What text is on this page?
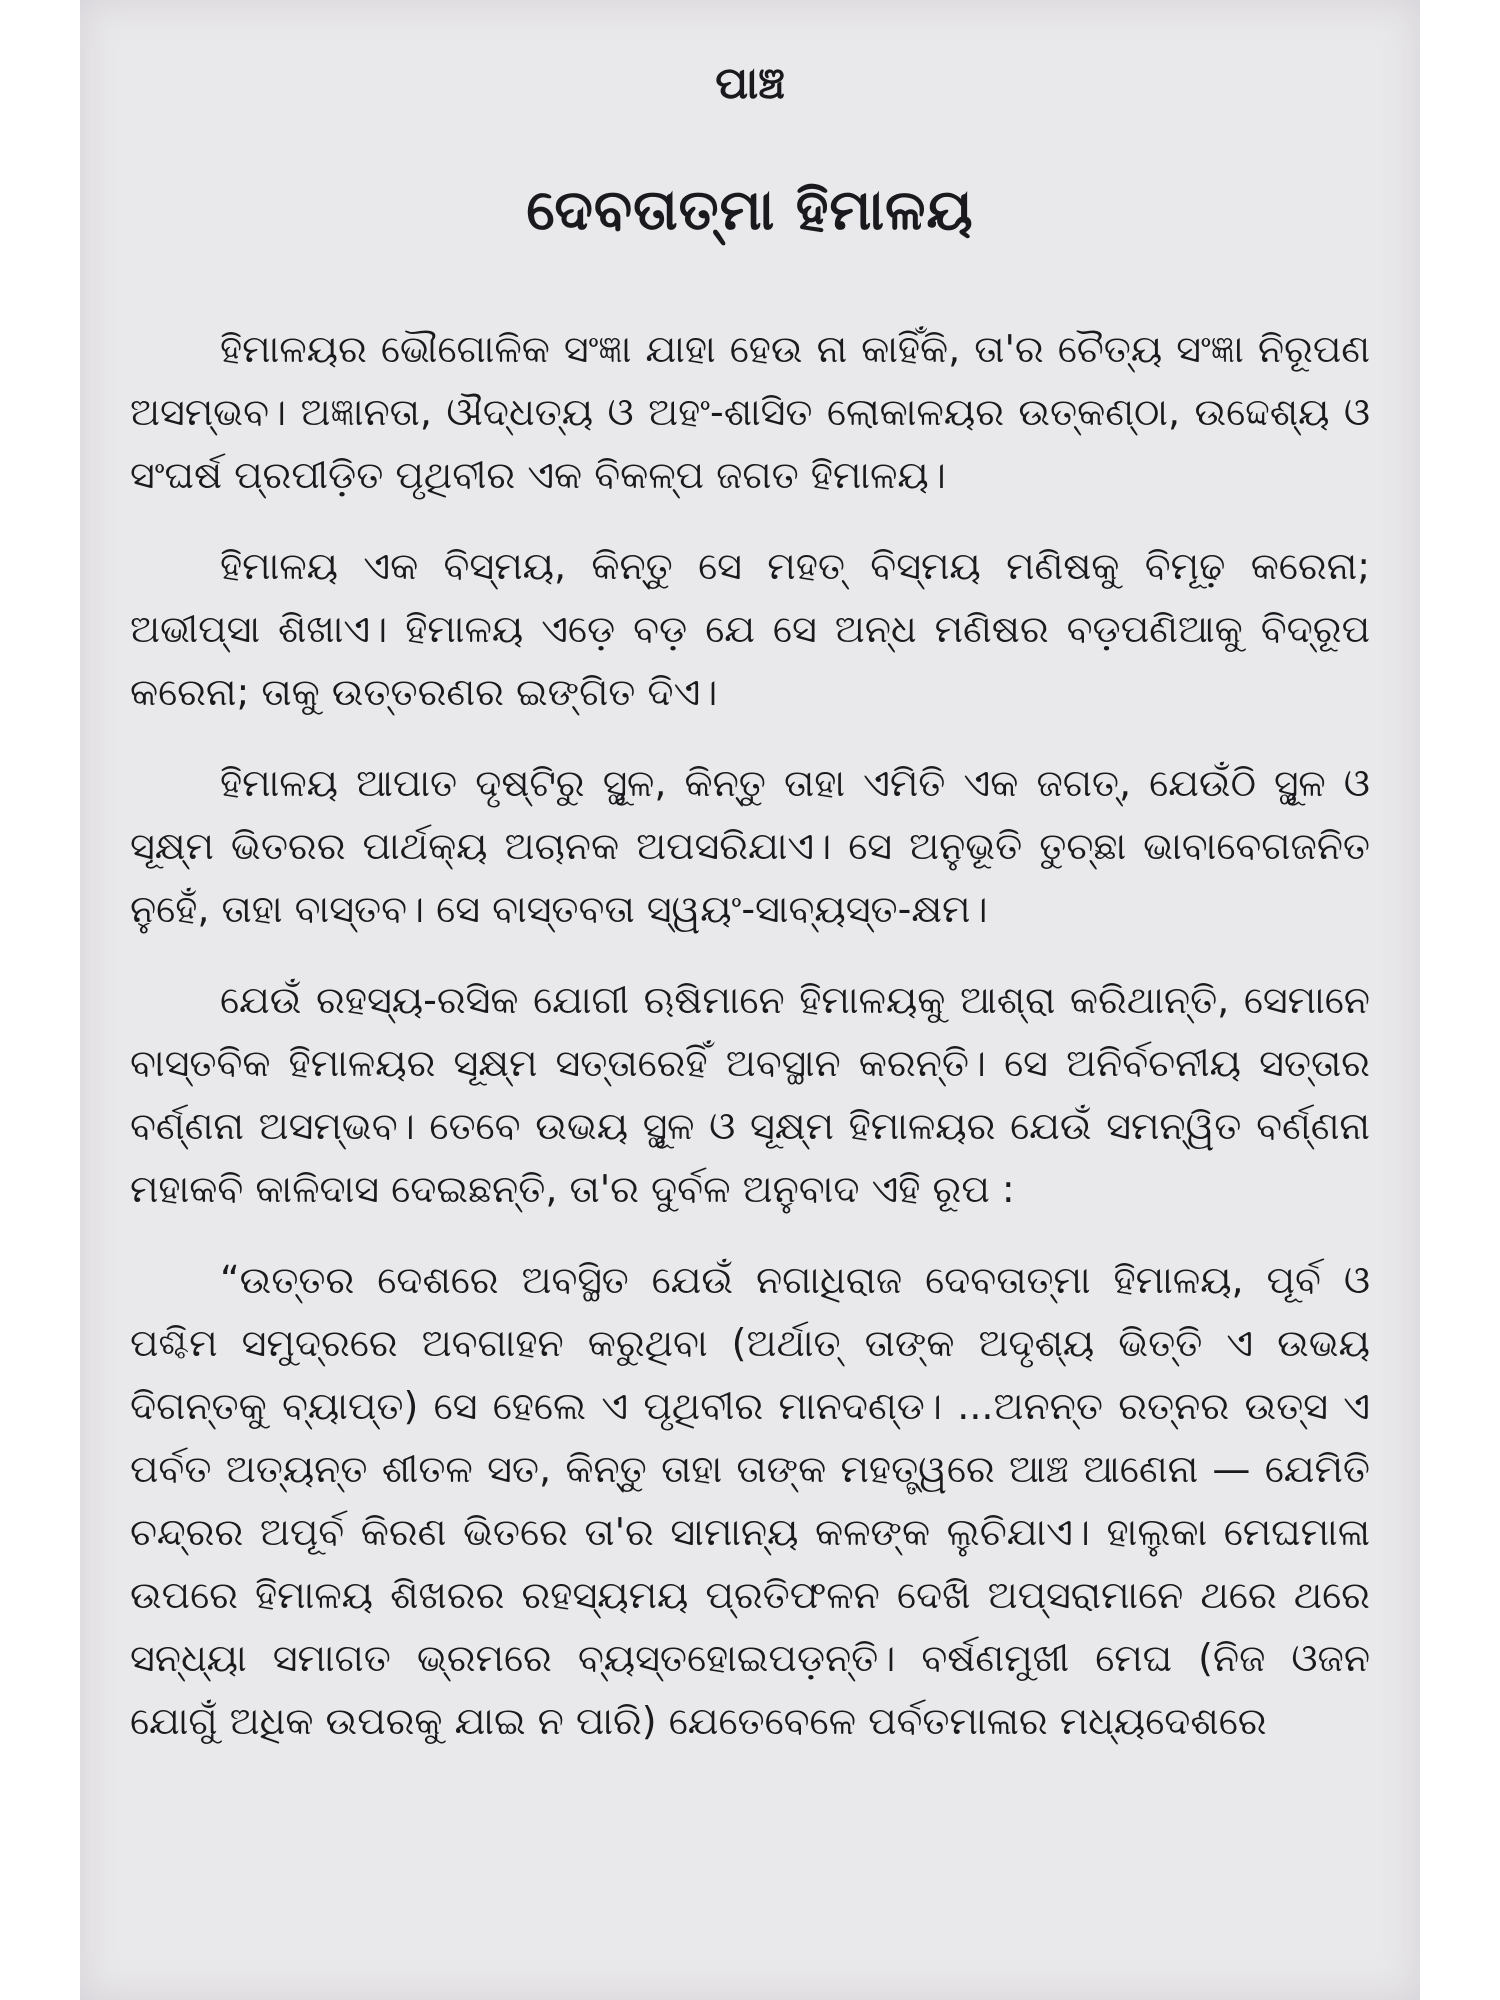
ପାଞ୍ଚ
ଦେବତାତ୍ମା ହିମାଳୟ

ହିମାଳୟର ଭୌଗୋଳିକ ସଂଜ୍ଞା ଯାହା ହେଉ ନା କାହିଁକି, ତା'ର ଚୈତ୍ୟ ସଂଜ୍ଞା ନିରୂପଣ ଅସମ୍ଭବ। ଅଜ୍ଞାନତା, ଔଦ୍ଧତ୍ୟ ଓ ଅହଂ-ଶାସିତ ଲୋକାଳୟର ଉତ୍କଣ୍ଠା, ଉଦ୍ଦେଶ୍ୟ ଓ ସଂଘର୍ଷ ପ୍ରପୀଡ଼ିତ ପୃଥିବୀର ଏକ ବିକଳ୍ପ ଜଗତ ହିମାଳୟ।

ହିମାଳୟ ଏକ ବିସ୍ମୟ, କିନ୍ତୁ ସେ ମହତ୍ ବିସ୍ମୟ ମଣିଷକୁ ବିମୂଢ଼ କରେନା; ଅଭୀପ୍ସା ଶିଖାଏ। ହିମାଳୟ ଏଡ଼େ ବଡ଼ ଯେ ସେ ଅନ୍ଧ ମଣିଷର ବଡ଼ପଣିଆକୁ ବିଦ୍ରୂପ କରେନା; ତାକୁ ଉତ୍ତରଣର ଇଙ୍ଗିତ ଦିଏ।

ହିମାଳୟ ଆପାତ ଦୃଷ୍ଟିରୁ ସ୍ଥୂଳ, କିନ୍ତୁ ତାହା ଏମିତି ଏକ ଜଗତ୍, ଯେଉଁଠି ସ୍ଥୂଳ ଓ ସୂକ୍ଷ୍ମ ଭିତରର ପାର୍ଥକ୍ୟ ଅଚାନକ ଅପସରିଯାଏ। ସେ ଅନୁଭୂତି ତୁଚ୍ଛା ଭାବାବେଗଜନିତ ନୁହେଁ, ତାହା ବାସ୍ତବ। ସେ ବାସ୍ତବତା ସ୍ୱୟଂ-ସାବ୍ୟସ୍ତ-କ୍ଷମ।

ଯେଉଁ ରହସ୍ୟ-ରସିକ ଯୋଗୀ ଋଷିମାନେ ହିମାଳୟକୁ ଆଶ୍ରା କରିଥାନ୍ତି, ସେମାନେ ବାସ୍ତବିକ ହିମାଳୟର ସୂକ୍ଷ୍ମ ସତ୍ତାରେହିଁ ଅବସ୍ଥାନ କରନ୍ତି। ସେ ଅନିର୍ବଚନୀୟ ସତ୍ତାର ବର୍ଣ୍ଣନା ଅସମ୍ଭବ। ତେବେ ଉଭୟ ସ୍ଥୂଳ ଓ ସୂକ୍ଷ୍ମ ହିମାଳୟର ଯେଉଁ ସମନ୍ୱିତ ବର୍ଣ୍ଣନା ମହାକବି କାଳିଦାସ ଦେଇଛନ୍ତି, ତା'ର ଦୁର୍ବଳ ଅନୁବାଦ ଏହି ରୂପ :

“ଉତ୍ତର ଦେଶରେ ଅବସ୍ଥିତ ଯେଉଁ ନଗାଧିରାଜ ଦେବତାତ୍ମା ହିମାଳୟ, ପୂର୍ବ ଓ ପଶ୍ଚିମ ସମୁଦ୍ରରେ ଅବଗାହନ କରୁଥିବା (ଅର୍ଥାତ୍ ତାଙ୍କ ଅଦୃଶ୍ୟ ଭିତ୍ତି ଏ ଉଭୟ ଦିଗନ୍ତକୁ ବ୍ୟାପ୍ତ) ସେ ହେଲେ ଏ ପୃଥିବୀର ମାନଦଣ୍ଡ। ...ଅନନ୍ତ ରତ୍ନର ଉତ୍ସ ଏ ପର୍ବତ ଅତ୍ୟନ୍ତ ଶୀତଳ ସତ, କିନ୍ତୁ ତାହା ତାଙ୍କ ମହତ୍ତ୍ୱରେ ଆଞ୍ଚ ଆଣେନା — ଯେମିତି ଚନ୍ଦ୍ରର ଅପୂର୍ବ କିରଣ ଭିତରେ ତା'ର ସାମାନ୍ୟ କଳଙ୍କ ଲୁଚିଯାଏ। ହାଲୁକା ମେଘମାଳା ଉପରେ ହିମାଳୟ ଶିଖରର ରହସ୍ୟମୟ ପ୍ରତିଫଳନ ଦେଖି ଅପ୍ସରାମାନେ ଥରେ ଥରେ ସନ୍ଧ୍ୟା ସମାଗତ ଭ୍ରମରେ ବ୍ୟସ୍ତହୋଇପଡ଼ନ୍ତି। ବର୍ଷଣମୁଖୀ ମେଘ (ନିଜ ଓଜନ ଯୋଗୁଁ ଅଧିକ ଉପରକୁ ଯାଇ ନ ପାରି) ଯେତେବେଳେ ପର୍ବତମାଳାର ମଧ୍ୟଦେଶରେ
